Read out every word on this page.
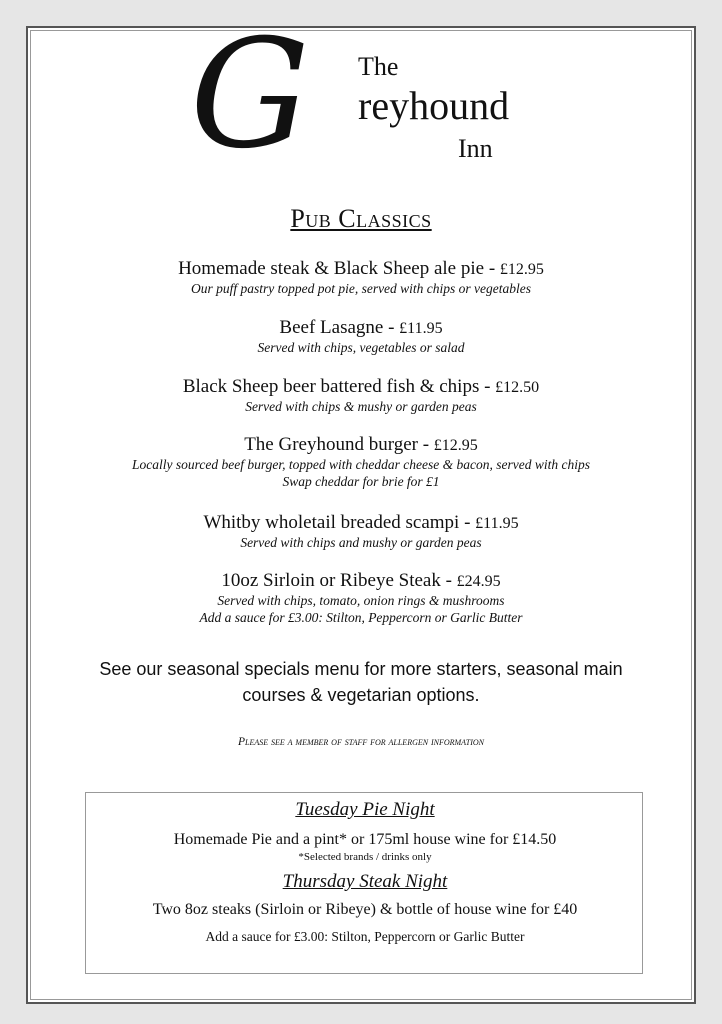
G The
reyhound
Inn
Pub Classics
Homemade steak & Black Sheep ale pie - £12.95
Our puff pastry topped pot pie, served with chips or vegetables
Beef Lasagne - £11.95
Served with chips, vegetables or salad
Black Sheep beer battered fish & chips - £12.50
Served with chips & mushy or garden peas
The Greyhound burger - £12.95
Locally sourced beef burger, topped with cheddar cheese & bacon, served with chips
Swap cheddar for brie for £1
Whitby wholetail breaded scampi - £11.95
Served with chips and mushy or garden peas
10oz Sirloin or Ribeye Steak - £24.95
Served with chips, tomato, onion rings & mushrooms
Add a sauce for £3.00: Stilton, Peppercorn or Garlic Butter
See our seasonal specials menu for more starters, seasonal main
courses & vegetarian options.
Please see a member of staff for allergen information
Tuesday Pie Night
Homemade Pie and a pint* or 175ml house wine for £14.50
*Selected brands / drinks only
Thursday Steak Night
Two 8oz steaks (Sirloin or Ribeye) & bottle of house wine for £40
Add a sauce for £3.00: Stilton, Peppercorn or Garlic Butter
